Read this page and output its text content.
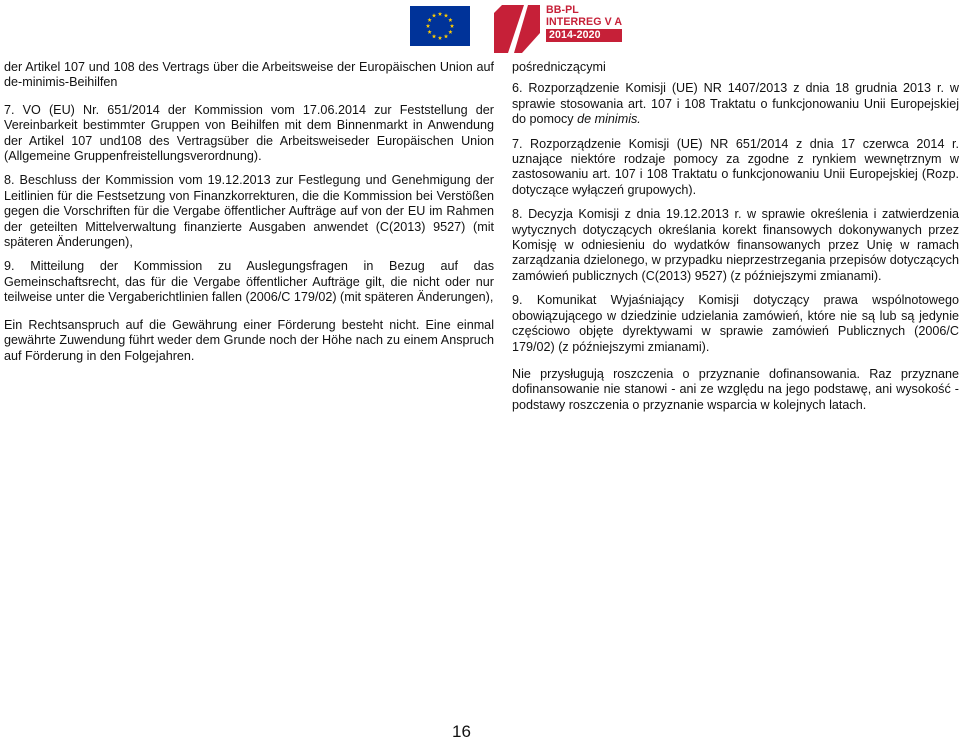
BB-PL
INTERREG V A
2014-2020

der Artikel 107 und 108 des Vertrags über die Arbeitsweise der Europäischen Union auf de-minimis-Beihilfen

7. VO (EU) Nr. 651/2014 der Kommission vom 17.06.2014 zur Feststellung der Vereinbarkeit bestimmter Gruppen von Beihilfen mit dem Binnenmarkt in Anwendung der Artikel 107 und108 des Vertragsüber die Arbeitsweiseder Europäischen Union (Allgemeine Gruppenfreistellungsverordnung).

8. Beschluss der Kommission vom 19.12.2013 zur Festlegung und Genehmigung der Leitlinien für die Festsetzung von Finanzkorrekturen, die die Kommission bei Verstößen gegen die Vorschriften für die Vergabe öffentlicher Aufträge auf von der EU im Rahmen der geteilten Mittelverwaltung finanzierte Ausgaben anwendet (C(2013) 9527) (mit späteren Änderungen),

9. Mitteilung der Kommission zu Auslegungsfragen in Bezug auf das Gemeinschaftsrecht, das für die Vergabe öffentlicher Aufträge gilt, die nicht oder nur teilweise unter die Vergaberichtlinien fallen (2006/C 179/02) (mit späteren Änderungen),

Ein Rechtsanspruch auf die Gewährung einer Förderung besteht nicht. Eine einmal gewährte Zuwendung führt weder dem Grunde noch der Höhe nach zu einem Anspruch auf Förderung in den Folgejahren.

pośredniczącymi

6. Rozporządzenie Komisji (UE) NR 1407/2013 z dnia 18 grudnia 2013 r. w sprawie stosowania art. 107 i 108 Traktatu o funkcjonowaniu Unii Europejskiej do pomocy de minimis.

7. Rozporządzenie Komisji (UE) NR 651/2014 z dnia 17 czerwca 2014 r. uznające niektóre rodzaje pomocy za zgodne z rynkiem wewnętrznym w zastosowaniu art. 107 i 108 Traktatu o funkcjonowaniu Unii Europejskiej (Rozp. dotyczące wyłączeń grupowych).

8. Decyzja Komisji z dnia 19.12.2013 r. w sprawie określenia i zatwierdzenia wytycznych dotyczących określania korekt finansowych dokonywanych przez Komisję w odniesieniu do wydatków finansowanych przez Unię w ramach zarządzania dzielonego, w przypadku nieprzestrzegania przepisów dotyczących zamówień publicznych (C(2013) 9527) (z późniejszymi zmianami).

9. Komunikat Wyjaśniający Komisji dotyczący prawa wspólnotowego obowiązującego w dziedzinie udzielania zamówień, które nie są lub są jedynie częściowo objęte dyrektywami w sprawie zamówień Publicznych (2006/C 179/02) (z późniejszymi zmianami).

Nie przysługują roszczenia o przyznanie dofinansowania. Raz przyznane dofinansowanie nie stanowi - ani ze względu na jego podstawę, ani wysokość - podstawy roszczenia o przyznanie wsparcia w kolejnych latach.

16
